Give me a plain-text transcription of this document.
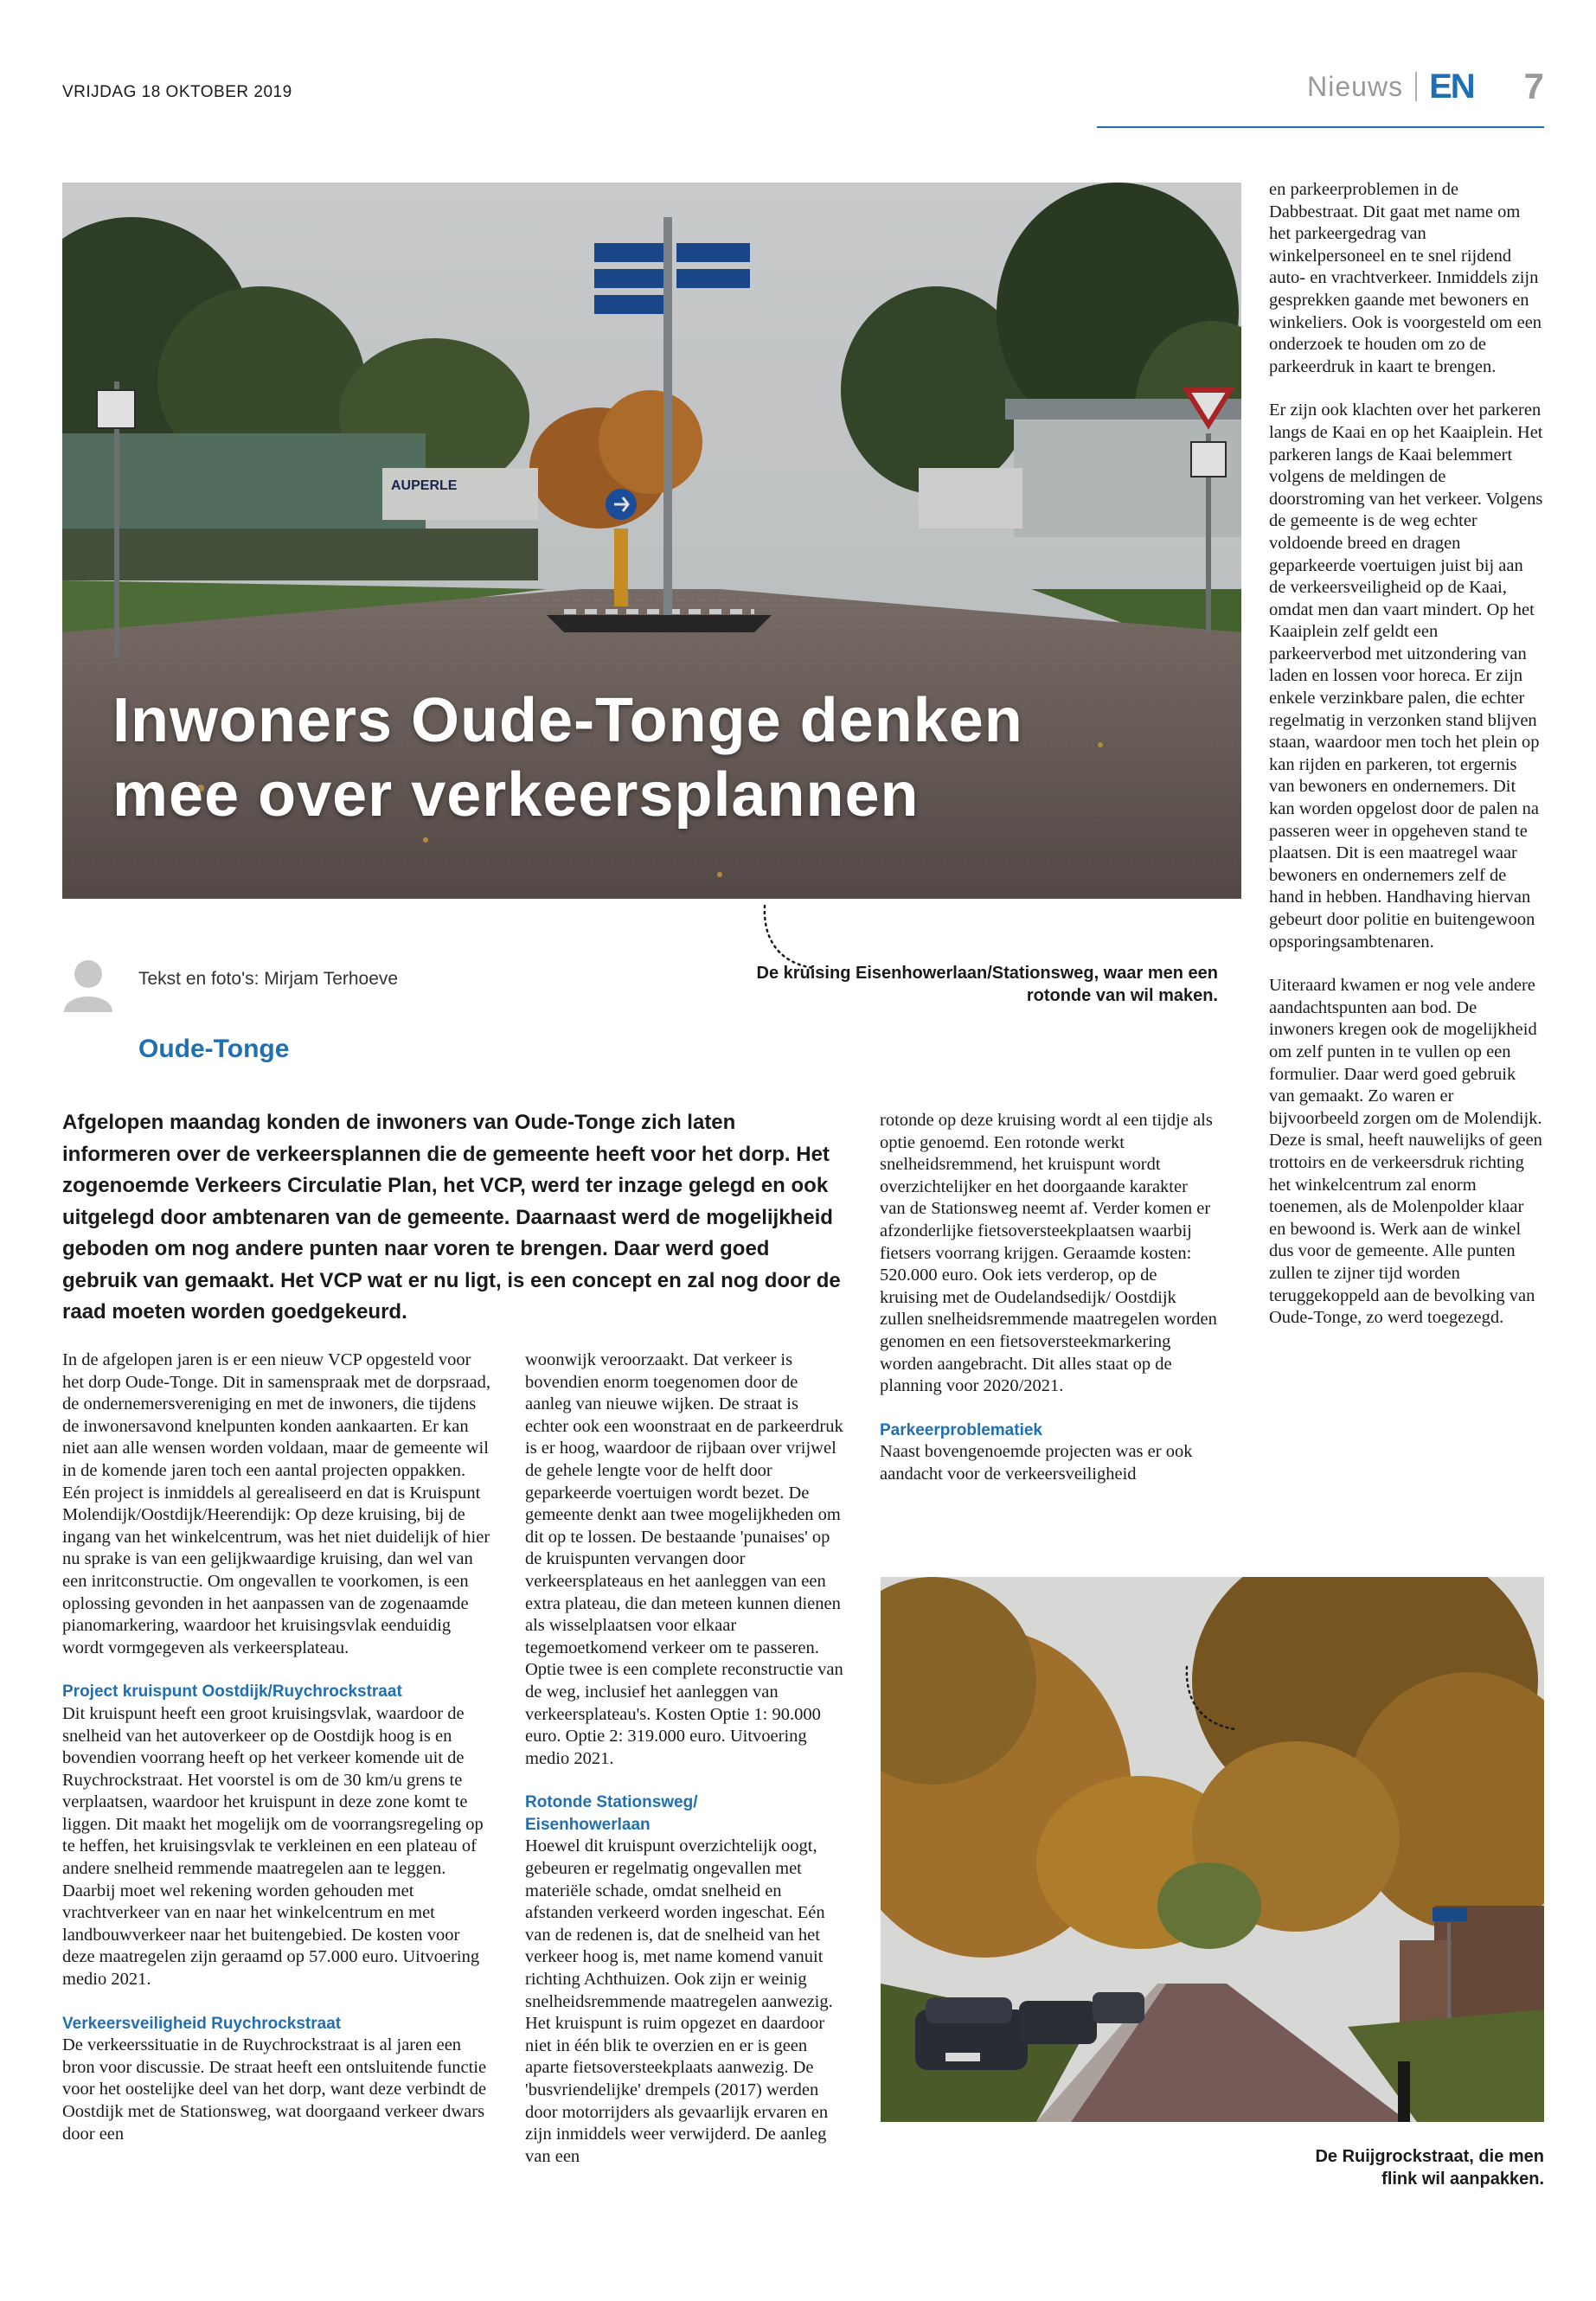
VRIJDAG 18 OKTOBER 2019	Nieuws EN 7
AUPERLE
Inwoners Oude-Tonge denken
mee over verkeersplannen
De kruising Eisenhowerlaan/Stationsweg, waar men een rotonde van wil maken.
Tekst en foto's: Mirjam Terhoeve
Oude-Tonge
Afgelopen maandag konden de inwoners van Oude-Tonge zich laten informeren over de verkeersplannen die de gemeente heeft voor het dorp. Het zogenoemde Verkeers Circulatie Plan, het VCP, werd ter inzage gelegd en ook uitgelegd door ambtenaren van de gemeente. Daarnaast werd de mogelijkheid geboden om nog andere punten naar voren te brengen. Daar werd goed gebruik van gemaakt. Het VCP wat er nu ligt, is een concept en zal nog door de raad moeten worden goedgekeurd.

In de afgelopen jaren is er een nieuw VCP opgesteld voor het dorp Oude-Tonge. Dit in samenspraak met de dorpsraad, de ondernemersvereniging en met de inwoners, die tijdens de inwonersavond knelpunten konden aankaarten. Er kan niet aan alle wensen worden voldaan, maar de gemeente wil in de komende jaren toch een aantal projecten oppakken. Eén project is inmiddels al gerealiseerd en dat is Kruispunt Molendijk/Oostdijk/Heerendijk: Op deze kruising, bij de ingang van het winkelcentrum, was het niet duidelijk of hier nu sprake is van een gelijkwaardige kruising, dan wel van een inritconstructie. Om ongevallen te voorkomen, is een oplossing gevonden in het aanpassen van de zogenaamde pianomarkering, waardoor het kruisingsvlak eenduidig wordt vormgegeven als verkeersplateau.

Project kruispunt Oostdijk/Ruychrockstraat
Dit kruispunt heeft een groot kruisingsvlak, waardoor de snelheid van het autoverkeer op de Oostdijk hoog is en bovendien voorrang heeft op het verkeer komende uit de Ruychrockstraat. Het voorstel is om de 30 km/u grens te verplaatsen, waardoor het kruispunt in deze zone komt te liggen. Dit maakt het mogelijk om de voorrangsregeling op te heffen, het kruisingsvlak te verkleinen en een plateau of andere snelheid remmende maatregelen aan te leggen. Daarbij moet wel rekening worden gehouden met vrachtverkeer van en naar het winkelcentrum en met landbouwverkeer naar het buitengebied. De kosten voor deze maatregelen zijn geraamd op 57.000 euro. Uitvoering medio 2021.

Verkeersveiligheid Ruychrockstraat
De verkeerssituatie in de Ruychrockstraat is al jaren een bron voor discussie. De straat heeft een ontsluitende functie voor het oostelijke deel van het dorp, want deze verbindt de Oostdijk met de Stationsweg, wat doorgaand verkeer dwars door een

woonwijk veroorzaakt. Dat verkeer is bovendien enorm toegenomen door de aanleg van nieuwe wijken. De straat is echter ook een woonstraat en de parkeerdruk is er hoog, waardoor de rijbaan over vrijwel de gehele lengte voor de helft door geparkeerde voertuigen wordt bezet. De gemeente denkt aan twee mogelijkheden om dit op te lossen. De bestaande 'punaises' op de kruispunten vervangen door verkeersplateaus en het aanleggen van een extra plateau, die dan meteen kunnen dienen als wisselplaatsen voor elkaar tegemoetkomend verkeer om te passeren. Optie twee is een complete reconstructie van de weg, inclusief het aanleggen van verkeersplateau's. Kosten Optie 1: 90.000 euro. Optie 2: 319.000 euro. Uitvoering medio 2021.

Rotonde Stationsweg/
Eisenhowerlaan
Hoewel dit kruispunt overzichtelijk oogt, gebeuren er regelmatig ongevallen met materiële schade, omdat snelheid en afstanden verkeerd worden ingeschat. Eén van de redenen is, dat de snelheid van het verkeer hoog is, met name komend vanuit richting Achthuizen. Ook zijn er weinig snelheidsremmende maatregelen aanwezig. Het kruispunt is ruim opgezet en daardoor niet in één blik te overzien en er is geen aparte fietsoversteekplaats aanwezig. De 'busvriendelijke' drempels (2017) werden door motorrijders als gevaarlijk ervaren en zijn inmiddels weer verwijderd. De aanleg van een

rotonde op deze kruising wordt al een tijdje als optie genoemd. Een rotonde werkt snelheidsremmend, het kruispunt wordt overzichtelijker en het doorgaande karakter van de Stationsweg neemt af. Verder komen er afzonderlijke fietsoversteekplaatsen waarbij fietsers voorrang krijgen. Geraamde kosten: 520.000 euro. Ook iets verderop, op de kruising met de Oudelandsedijk/ Oostdijk zullen snelheidsremmende maatregelen worden genomen en een fietsoversteekmarkering worden aangebracht. Dit alles staat op de planning voor 2020/2021.

Parkeerproblematiek
Naast bovengenoemde projecten was er ook aandacht voor de verkeersveiligheid

en parkeerproblemen in de Dabbestraat. Dit gaat met name om het parkeergedrag van winkelpersoneel en te snel rijdend auto- en vrachtverkeer. Inmiddels zijn gesprekken gaande met bewoners en winkeliers. Ook is voorgesteld om een onderzoek te houden om zo de parkeerdruk in kaart te brengen.

Er zijn ook klachten over het parkeren langs de Kaai en op het Kaaiplein. Het parkeren langs de Kaai belemmert volgens de meldingen de doorstroming van het verkeer. Volgens de gemeente is de weg echter voldoende breed en dragen geparkeerde voertuigen juist bij aan de verkeersveiligheid op de Kaai, omdat men dan vaart mindert. Op het Kaaiplein zelf geldt een parkeerverbod met uitzondering van laden en lossen voor horeca. Er zijn enkele verzinkbare palen, die echter regelmatig in verzonken stand blijven staan, waardoor men toch het plein op kan rijden en parkeren, tot ergernis van bewoners en ondernemers. Dit kan worden opgelost door de palen na passeren weer in opgeheven stand te plaatsen. Dit is een maatregel waar bewoners en ondernemers zelf de hand in hebben. Handhaving hiervan gebeurt door politie en buitengewoon opsporingsambtenaren.

Uiteraard kwamen er nog vele andere aandachtspunten aan bod. De inwoners kregen ook de mogelijkheid om zelf punten in te vullen op een formulier. Daar werd goed gebruik van gemaakt. Zo waren er bijvoorbeeld zorgen om de Molendijk. Deze is smal, heeft nauwelijks of geen trottoirs en de verkeersdruk richting het winkelcentrum zal enorm toenemen, als de Molenpolder klaar en bewoond is. Werk aan de winkel dus voor de gemeente. Alle punten zullen te zijner tijd worden teruggekoppeld aan de bevolking van Oude-Tonge, zo werd toegezegd.

De Ruijgrockstraat, die men
flink wil aanpakken.
